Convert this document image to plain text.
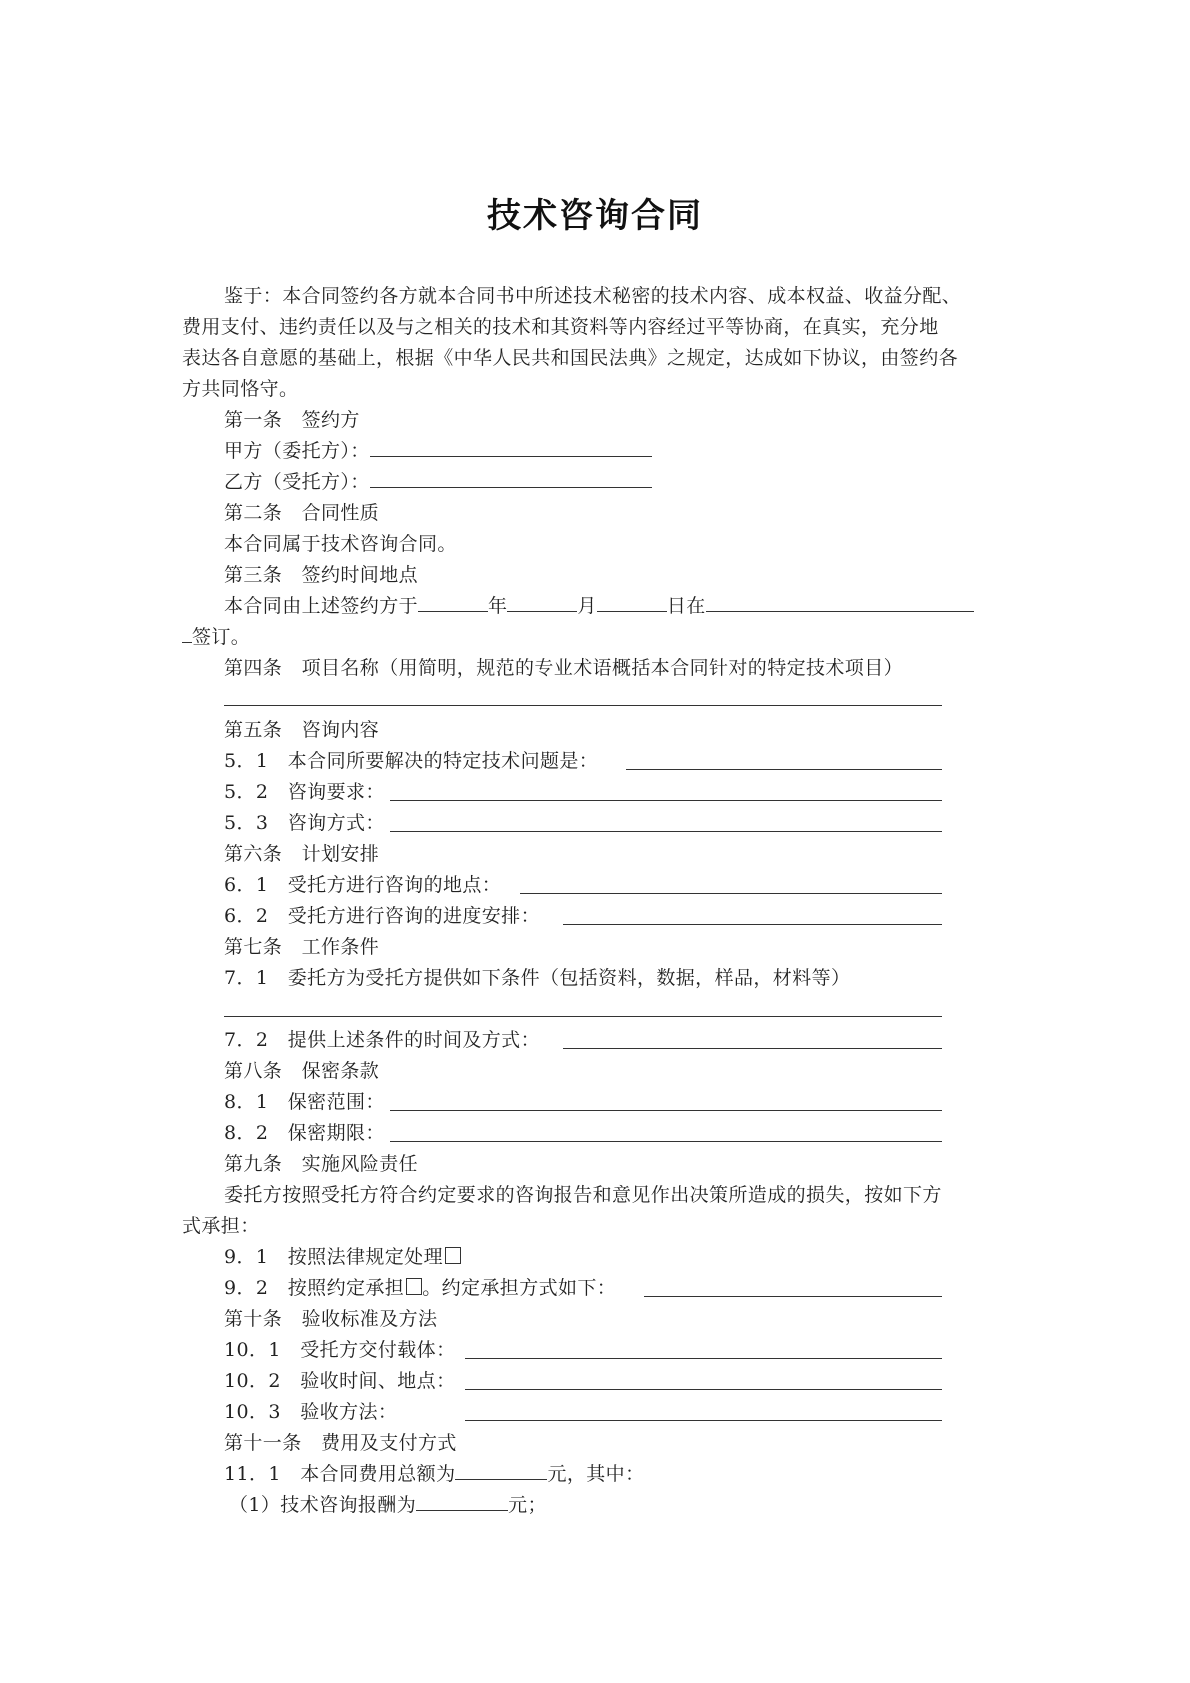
技术咨询合同
鉴于：本合同签约各方就本合同书中所述技术秘密的技术内容、成本权益、收益分配、
费用支付、违约责任以及与之相关的技术和其资料等内容经过平等协商，在真实，充分地
表达各自意愿的基础上，根据《中华人民共和国民法典》之规定，达成如下协议，由签约各
方共同恪守。
第一条　签约方
甲方（委托方）：
乙方（受托方）：
第二条　合同性质
本合同属于技术咨询合同。
第三条　签约时间地点
本合同由上述签约方于	年	月	日在
签订。
第四条　项目名称（用简明，规范的专业术语概括本合同针对的特定技术项目）
第五条　咨询内容
5．1　本合同所要解决的特定技术问题是：
5．2　咨询要求：
5．3　咨询方式：
第六条　计划安排
6．1　受托方进行咨询的地点：
6．2　受托方进行咨询的进度安排：
第七条　工作条件
7．1　委托方为受托方提供如下条件（包括资料，数据，样品，材料等）
7．2　提供上述条件的时间及方式：
第八条　保密条款
8．1　保密范围：
8．2　保密期限：
第九条　实施风险责任
委托方按照受托方符合约定要求的咨询报告和意见作出决策所造成的损失，按如下方
式承担：
9．1　按照法律规定处理
9．2　按照约定承担 。约定承担方式如下：
第十条　验收标准及方法
10．1　受托方交付载体：
10．2　验收时间、地点：
10．3　验收方法：
第十一条　费用及支付方式
11．1　本合同费用总额为	元，其中：
（1）技术咨询报酬为	元；
